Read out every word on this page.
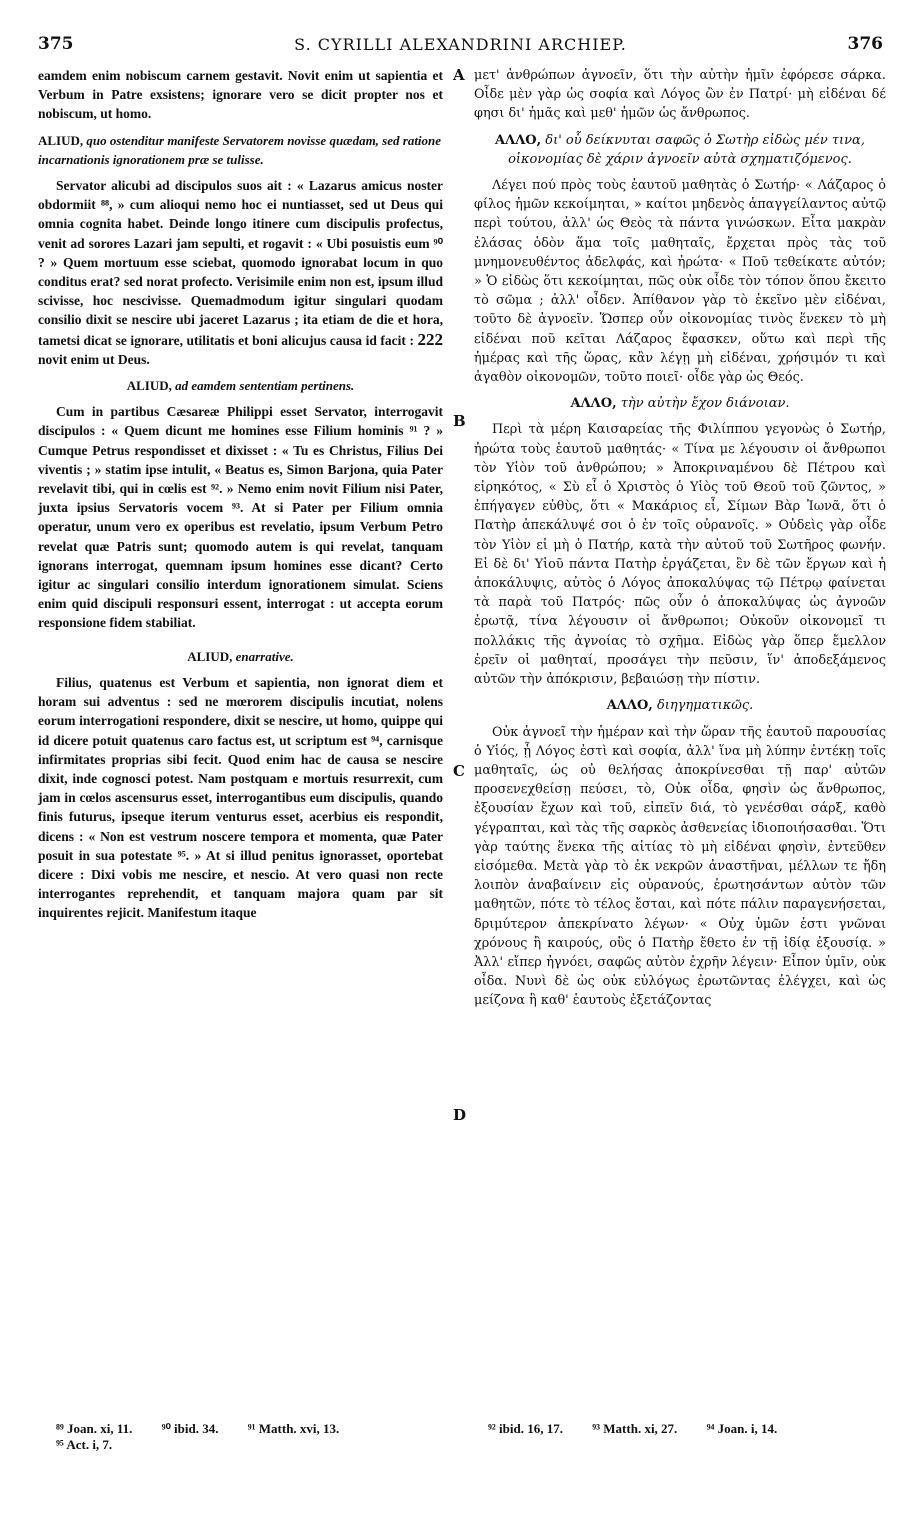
375	S. CYRILLI ALEXANDRINI ARCHIEP.	376
A
B
C
D

eamdem enim nobiscum carnem gestavit. Novit enim ut sapientia et Verbum in Patre exsistens; ignorare vero se dicit propter nos et nobiscum, ut homo.

ALIUD, quo ostenditur manifeste Servatorem novisse quædam, sed ratione incarnationis ignorationem præ se tulisse.

Servator alicubi ad discipulos suos ait : « Lazarus amicus noster obdormiit ⁸⁸, » cum alioqui nemo hoc ei nuntiasset, sed ut Deus qui omnia cognita habet. Deinde longo itinere cum discipulis profectus, venit ad sorores Lazari jam sepulti, et rogavit : « Ubi posuistis eum ⁹⁰ ? » Quem mortuum esse sciebat, quomodo ignorabat locum in quo conditus erat? sed norat profecto. Verisimile enim non est, ipsum illud scivisse, hoc nescivisse. Quemadmodum igitur singulari quodam consilio dixit se nescire ubi jaceret Lazarus ; ita etiam de die et hora, tametsi dicat se ignorare, utilitatis et boni alicujus causa id facit : 222 novit enim ut Deus.

ALIUD, ad eamdem sententiam pertinens.

Cum in partibus Cæsareæ Philippi esset Servator, interrogavit discipulos : « Quem dicunt me homines esse Filium hominis ⁹¹ ? » Cumque Petrus respondisset et dixisset : « Tu es Christus, Filius Dei viventis ; » statim ipse intulit, « Beatus es, Simon Barjona, quia Pater revelavit tibi, qui in cœlis est ⁹². » Nemo enim novit Filium nisi Pater, juxta ipsius Servatoris vocem ⁹³. At si Pater per Filium omnia operatur, unum vero ex operibus est revelatio, ipsum Verbum Petro revelat quæ Patris sunt; quomodo autem is qui revelat, tanquam ignorans interrogat, quemnam ipsum homines esse dicant? Certo igitur ac singulari consilio interdum ignorationem simulat. Sciens enim quid discipuli responsuri essent, interrogat : ut accepta eorum responsione fidem stabiliat.

ALIUD, enarrative.

Filius, quatenus est Verbum et sapientia, non ignorat diem et horam sui adventus : sed ne mœrorem discipulis incutiat, nolens eorum interrogationi respondere, dixit se nescire, ut homo, quippe qui id dicere potuit quatenus caro factus est, ut scriptum est ⁹⁴, carnisque infirmitates proprias sibi fecit. Quod enim hac de causa se nescire dixit, inde cognosci potest. Nam postquam e mortuis resurrexit, cum jam in cœlos ascensurus esset, interrogantibus eum discipulis, quando finis futurus, ipseque iterum venturus esset, acerbius eis respondit, dicens : « Non est vestrum noscere tempora et momenta, quæ Pater posuit in sua potestate ⁹⁵. » At si illud penitus ignorasset, oportebat dicere : Dixi vobis me nescire, et nescio. At vero quasi non recte interrogantes reprehendit, et tanquam majora quam par sit inquirentes rejicit. Manifestum itaque

μετ' ἀνθρώπων ἀγνοεῖν, ὅτι τὴν αὐτὴν ἡμῖν ἐφόρεσε σάρκα. Οἶδε μὲν γὰρ ὡς σοφία καὶ Λόγος ὢν ἐν Πατρί· μὴ εἰδέναι δέ φησι δι' ἡμᾶς καὶ μεθ' ἡμῶν ὡς ἄνθρωπος.

ΑΛΛΟ, δι' οὗ δείκνυται σαφῶς ὁ Σωτὴρ εἰδὼς μέν τινα, οἰκονομίας δὲ χάριν ἀγνοεῖν αὐτὰ σχηματιζόμενος.

Λέγει πού πρὸς τοὺς ἑαυτοῦ μαθητὰς ὁ Σωτήρ· « Λάζαρος ὁ φίλος ἡμῶν κεκοίμηται, » καίτοι μηδενὸς ἀπαγγείλαντος αὐτῷ περὶ τούτου, ἀλλ' ὡς Θεὸς τὰ πάντα γινώσκων. Εἶτα μακρὰν ἐλάσας ὁδὸν ἅμα τοῖς μαθηταῖς, ἔρχεται πρὸς τὰς τοῦ μνημονευθέντος ἀδελφάς, καὶ ἠρώτα· « Ποῦ τεθείκατε αὐτόν; » Ὁ εἰδὼς ὅτι κεκοίμηται, πῶς οὐκ οἶδε τὸν τόπον ὅπου ἔκειτο τὸ σῶμα ; ἀλλ' οἶδεν. Ἀπίθανον γὰρ τὸ ἐκεῖνο μὲν εἰδέναι, τοῦτο δὲ ἀγνοεῖν. Ὥσπερ οὖν οἰκονομίας τινὸς ἕνεκεν τὸ μὴ εἰδέναι ποῦ κεῖται Λάζαρος ἔφασκεν, οὕτω καὶ περὶ τῆς ἡμέρας καὶ τῆς ὥρας, κἂν λέγῃ μὴ εἰδέναι, χρήσιμόν τι καὶ ἀγαθὸν οἰκονομῶν, τοῦτο ποιεῖ· οἶδε γὰρ ὡς Θεός.

ΑΛΛΟ, τὴν αὐτὴν ἔχον διάνοιαν.

Περὶ τὰ μέρη Καισαρείας τῆς Φιλίππου γεγονὼς ὁ Σωτήρ, ἠρώτα τοὺς ἑαυτοῦ μαθητάς· « Τίνα με λέγουσιν οἱ ἄνθρωποι τὸν Υἱὸν τοῦ ἀνθρώπου; » Ἀποκριναμένου δὲ Πέτρου καὶ εἰρηκότος, « Σὺ εἶ ὁ Χριστὸς ὁ Υἱὸς τοῦ Θεοῦ τοῦ ζῶντος, » ἐπήγαγεν εὐθὺς, ὅτι « Μακάριος εἶ, Σίμων Βὰρ Ἰωνᾶ, ὅτι ὁ Πατὴρ ἀπεκάλυψέ σοι ὁ ἐν τοῖς οὐρανοῖς. » Οὐδεὶς γὰρ οἶδε τὸν Υἱὸν εἰ μὴ ὁ Πατήρ, κατὰ τὴν αὐτοῦ τοῦ Σωτῆρος φωνήν. Εἰ δὲ δι' Υἱοῦ πάντα Πατὴρ ἐργάζεται, ἓν δὲ τῶν ἔργων καὶ ἡ ἀποκάλυψις, αὐτὸς ὁ Λόγος ἀποκαλύψας τῷ Πέτρῳ φαίνεται τὰ παρὰ τοῦ Πατρός· πῶς οὖν ὁ ἀποκαλύψας ὡς ἀγνοῶν ἐρωτᾷ, τίνα λέγουσιν οἱ ἄνθρωποι; Οὐκοῦν οἰκονομεῖ τι πολλάκις τῆς ἀγνοίας τὸ σχῆμα. Εἰδὼς γὰρ ὅπερ ἔμελλον ἐρεῖν οἱ μαθηταί, προσάγει τὴν πεῦσιν, ἵν' ἀποδεξάμενος αὐτῶν τὴν ἀπόκρισιν, βεβαιώσῃ τὴν πίστιν.

ΑΛΛΟ, διηγηματικῶς.

Οὐκ ἀγνοεῖ τὴν ἡμέραν καὶ τὴν ὥραν τῆς ἑαυτοῦ παρουσίας ὁ Υἱός, ᾗ Λόγος ἐστὶ καὶ σοφία, ἀλλ' ἵνα μὴ λύπην ἐντέκῃ τοῖς μαθηταῖς, ὡς οὐ θελήσας ἀποκρίνεσθαι τῇ παρ' αὐτῶν προσενεχθείσῃ πεύσει, τὸ, Οὐκ οἶδα, φησὶν ὡς ἄνθρωπος, ἐξουσίαν ἔχων καὶ τοῦ, εἰπεῖν διά, τὸ γενέσθαι σάρξ, καθὸ γέγραπται, καὶ τὰς τῆς σαρκὸς ἀσθενείας ἰδιοποιήσασθαι. Ὅτι γὰρ ταύτης ἕνεκα τῆς αἰτίας τὸ μὴ εἰδέναι φησὶν, ἐντεῦθεν εἰσόμεθα. Μετὰ γὰρ τὸ ἐκ νεκρῶν ἀναστῆναι, μέλλων τε ἤδη λοιπὸν ἀναβαίνειν εἰς οὐρανούς, ἐρωτησάντων αὐτὸν τῶν μαθητῶν, πότε τὸ τέλος ἔσται, καὶ πότε πάλιν παραγενήσεται, δριμύτερον ἀπεκρίνατο λέγων· « Οὐχ ὑμῶν ἐστι γνῶναι χρόνους ἢ καιρούς, οὓς ὁ Πατὴρ ἔθετο ἐν τῇ ἰδίᾳ ἐξουσίᾳ. » Ἀλλ' εἴπερ ἠγνόει, σαφῶς αὐτὸν ἐχρῆν λέγειν· Εἶπον ὑμῖν, οὐκ οἶδα. Νυνὶ δὲ ὡς οὐκ εὐλόγως ἐρωτῶντας ἐλέγχει, καὶ ὡς μείζονα ἢ καθ' ἑαυτοὺς ἐξετάζοντας

⁸⁹ Joan. xi, 11. ⁹⁰ ibid. 34. ⁹¹ Matth. xvi, 13.
⁹⁵ Act. i, 7.
⁹² ibid. 16, 17. ⁹³ Matth. xi, 27. ⁹⁴ Joan. i, 14.
